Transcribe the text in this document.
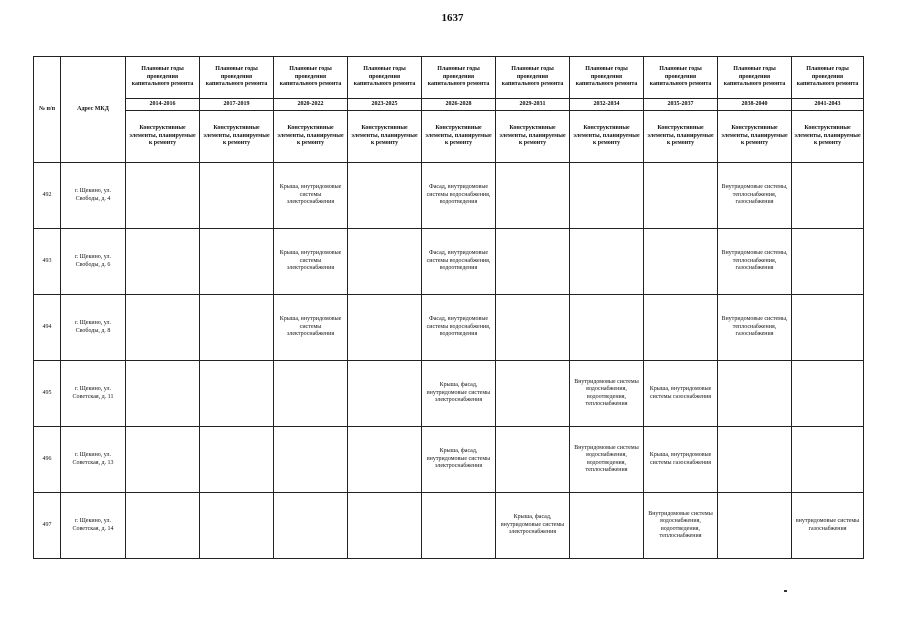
1637
№ п/п	Адрес МКД	Плановые годы проведения капитального ремонта	Плановые годы проведения капитального ремонта	Плановые годы проведения капитального ремонта	Плановые годы проведения капитального ремонта	Плановые годы проведения капитального ремонта	Плановые годы проведения капитального ремонта	Плановые годы проведения капитального ремонта	Плановые годы проведения капитального ремонта	Плановые годы проведения капитального ремонта	Плановые годы проведения капитального ремонта
		2014-2016	2017-2019	2020-2022	2023-2025	2026-2028	2029-2031	2032-2034	2035-2037	2038-2040	2041-2043
		Конструктивные элементы, планируемые к ремонту	Конструктивные элементы, планируемые к ремонту	Конструктивные элементы, планируемые к ремонту	Конструктивные элементы, планируемые к ремонту	Конструктивные элементы, планируемые к ремонту	Конструктивные элементы, планируемые к ремонту	Конструктивные элементы, планируемые к ремонту	Конструктивные элементы, планируемые к ремонту	Конструктивные элементы, планируемые к ремонту	Конструктивные элементы, планируемые к ремонту
492	г. Щекино, ул. Свободы, д. 4			Крыша, внутридомовые системы электроснабжения		Фасад, внутридомовые системы водоснабжения, водоотведения				Внутридомовые системы, теплоснабжения, газоснабжения	
493	г. Щекино, ул. Свободы, д. 6			Крыша, внутридомовые системы электроснабжения		Фасад, внутридомовые системы водоснабжения, водоотведения				Внутридомовые системы, теплоснабжения, газоснабжения	
494	г. Щекино, ул. Свободы, д. 8			Крыша, внутридомовые системы электроснабжения		Фасад, внутридомовые системы водоснабжения, водоотведения				Внутридомовые системы, теплоснабжения, газоснабжения	
495	г. Щекино, ул. Советская, д. 11					Крыша, фасад, внутридомовые системы электроснабжения		Внутридомовые системы водоснабжения, водоотведения, теплоснабжения	Крыша, внутридомовые системы газоснабжения		
496	г. Щекино, ул. Советская, д. 13					Крыша, фасад, внутридомовые системы электроснабжения		Внутридомовые системы водоснабжения, водоотведения, теплоснабжения	Крыша, внутридомовые системы газоснабжения		
497	г. Щекино, ул. Советская, д. 14						Крыша, фасад, внутридомовые системы электроснабжения		Внутридомовые системы водоснабжения, водоотведения, теплоснабжения		внутридомовые системы газоснабжения
